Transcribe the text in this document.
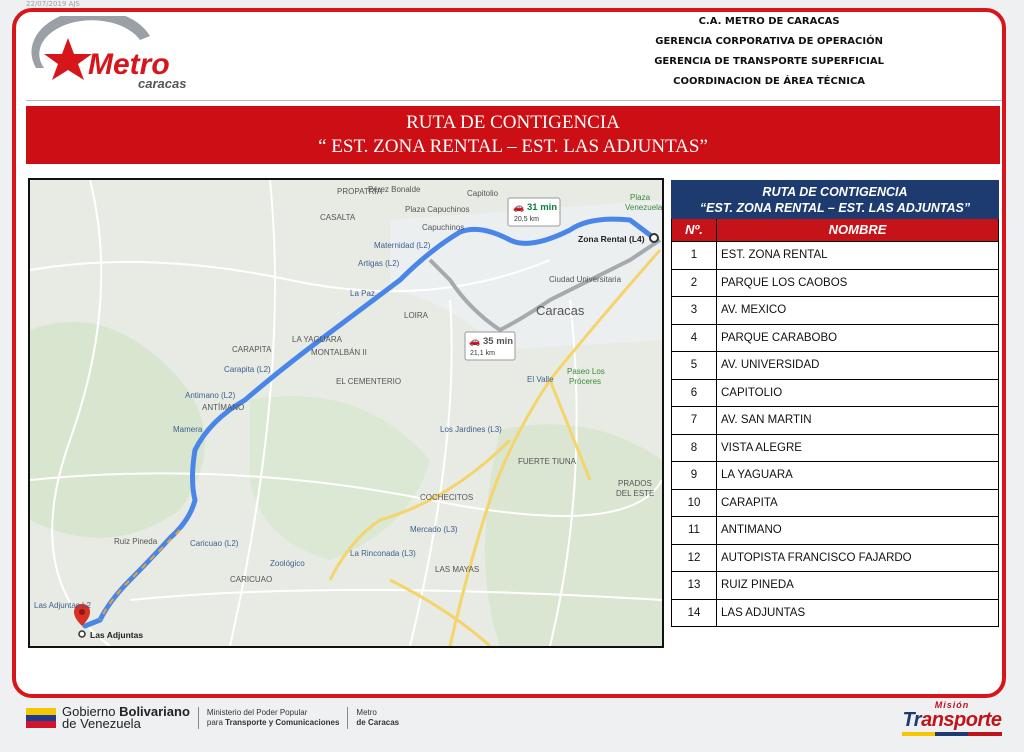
22/07/2019 AJS
Metro
caracas
C.A. METRO DE CARACAS
GERENCIA CORPORATIVA DE OPERACIÓN
GERENCIA DE TRANSPORTE SUPERFICIAL
COORDINACION DE ÁREA TÉCNICA
RUTA DE CONTIGENCIA
“ EST. ZONA RENTAL – EST. LAS ADJUNTAS”
Las Adjuntas
Zona Rental (L4)
Caracas
🚗 31 min
20,5 km
🚗 35 min
21,1 km
PROPATRIA
Pérez Bonalde	Capitolio	Plaza
Venezuela
CASALTA
Plaza Capuchinos
Capuchinos
Maternidad (L2)
Artigas (L2)
La Paz
Ciudad Universitaria
LOIRA
CARAPITA
LA YAGUARA
MONTALBÁN II
Carapita (L2)
EL CEMENTERIO
Antimano (L2)
ANTÍMANO
El Valle
Paseo Los
Próceres
Mamera	Los Jardines (L3)
FUERTE TIUNA
PRADOS
DEL ESTE
COCHECITOS
Ruiz Pineda	Caricuao (L2)
Mercado (L3)
Zoológico
La Rinconada (L3)
CARICUAO
LAS MAYAS
Las Adjuntas L2
RUTA DE CONTIGENCIA
“EST. ZONA RENTAL – EST. LAS ADJUNTAS”
Nº.	NOMBRE
1	EST. ZONA RENTAL
2	PARQUE LOS CAOBOS
3	AV. MEXICO
4	PARQUE CARABOBO
5	AV. UNIVERSIDAD
6	CAPITOLIO
7	AV. SAN MARTIN
8	VISTA ALEGRE
9	LA YAGUARA
10	CARAPITA
11	ANTIMANO
12	AUTOPISTA FRANCISCO FAJARDO
13	RUIZ PINEDA
14	LAS ADJUNTAS
Gobierno Bolivariano
de Venezuela
Ministerio del Poder Popular
para Transporte y Comunicaciones
Metro
de Caracas
Misión
Transporte
